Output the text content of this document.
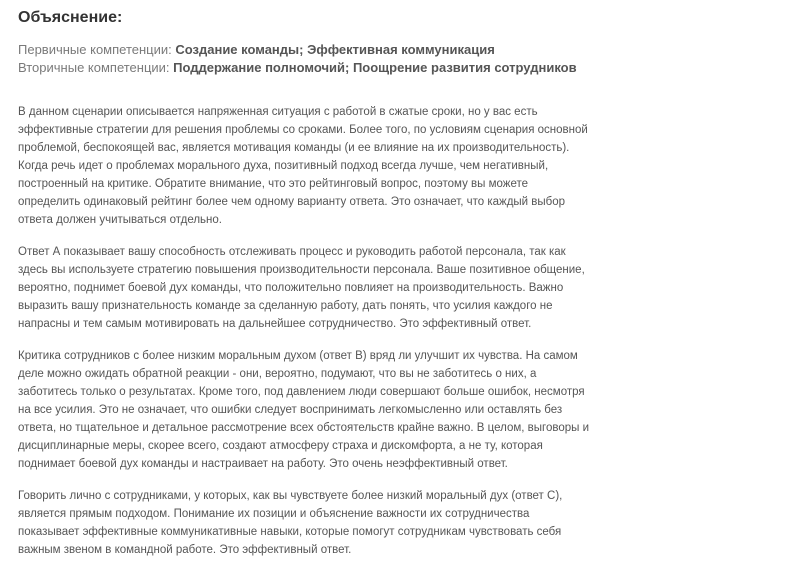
Объяснение:
Первичные компетенции: Создание команды; Эффективная коммуникация
Вторичные компетенции: Поддержание полномочий; Поощрение развития сотрудников

В данном сценарии описывается напряженная ситуация с работой в сжатые сроки, но у вас есть
эффективные стратегии для решения проблемы со сроками. Более того, по условиям сценария основной
проблемой, беспокоящей вас, является мотивация команды (и ее влияние на их производительность).
Когда речь идет о проблемах морального духа, позитивный подход всегда лучше, чем негативный,
построенный на критике. Обратите внимание, что это рейтинговый вопрос, поэтому вы можете
определить одинаковый рейтинг более чем одному варианту ответа. Это означает, что каждый выбор
ответа должен учитываться отдельно.

Ответ А показывает вашу способность отслеживать процесс и руководить работой персонала, так как
здесь вы используете стратегию повышения производительности персонала. Ваше позитивное общение,
вероятно, поднимет боевой дух команды, что положительно повлияет на производительность. Важно
выразить вашу признательность команде за сделанную работу, дать понять, что усилия каждого не
напрасны и тем самым мотивировать на дальнейшее сотрудничество. Это эффективный ответ.

Критика сотрудников с более низким моральным духом (ответ В) вряд ли улучшит их чувства. На самом
деле можно ожидать обратной реакции - они, вероятно, подумают, что вы не заботитесь о них, а
заботитесь только о результатах. Кроме того, под давлением люди совершают больше ошибок, несмотря
на все усилия. Это не означает, что ошибки следует воспринимать легкомысленно или оставлять без
ответа, но тщательное и детальное рассмотрение всех обстоятельств крайне важно. В целом, выговоры и
дисциплинарные меры, скорее всего, создают атмосферу страха и дискомфорта, а не ту, которая
поднимает боевой дух команды и настраивает на работу. Это очень неэффективный ответ.

Говорить лично с сотрудниками, у которых, как вы чувствуете более низкий моральный дух (ответ С),
является прямым подходом. Понимание их позиции и объяснение важности их сотрудничества
показывает эффективные коммуникативные навыки, которые помогут сотрудникам чувствовать себя
важным звеном в командной работе. Это эффективный ответ.
